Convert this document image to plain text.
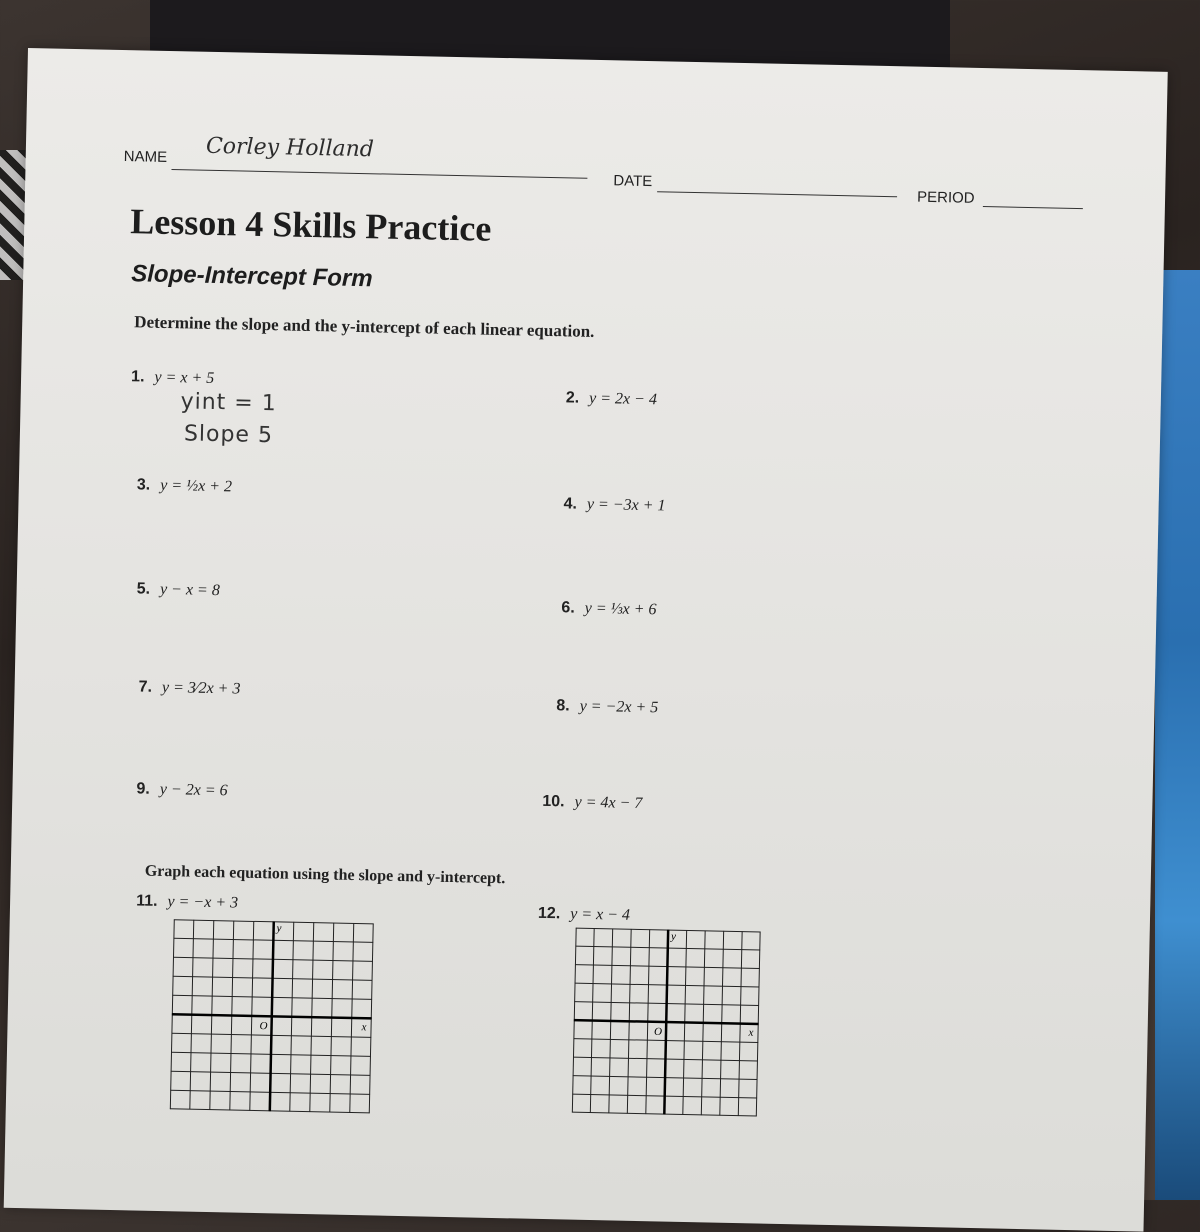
NAME Corley Holland
DATE
PERIOD
Lesson 4 Skills Practice
Slope-Intercept Form
Determine the slope and the y-intercept of each linear equation.
1. y = x + 5
2. y = 2x − 4
yint = 1
Slope 5
3. y = ½x + 2
4. y = −3x + 1
5. y − x = 8
6. y = ⅓x + 6
7. y = 3⁄2x + 3
8. y = −2x + 5
9. y − 2x = 6
10. y = 4x − 7
Graph each equation using the slope and y-intercept.
11. y = −x + 3
12. y = x − 4
y
x
O
y
x
O
